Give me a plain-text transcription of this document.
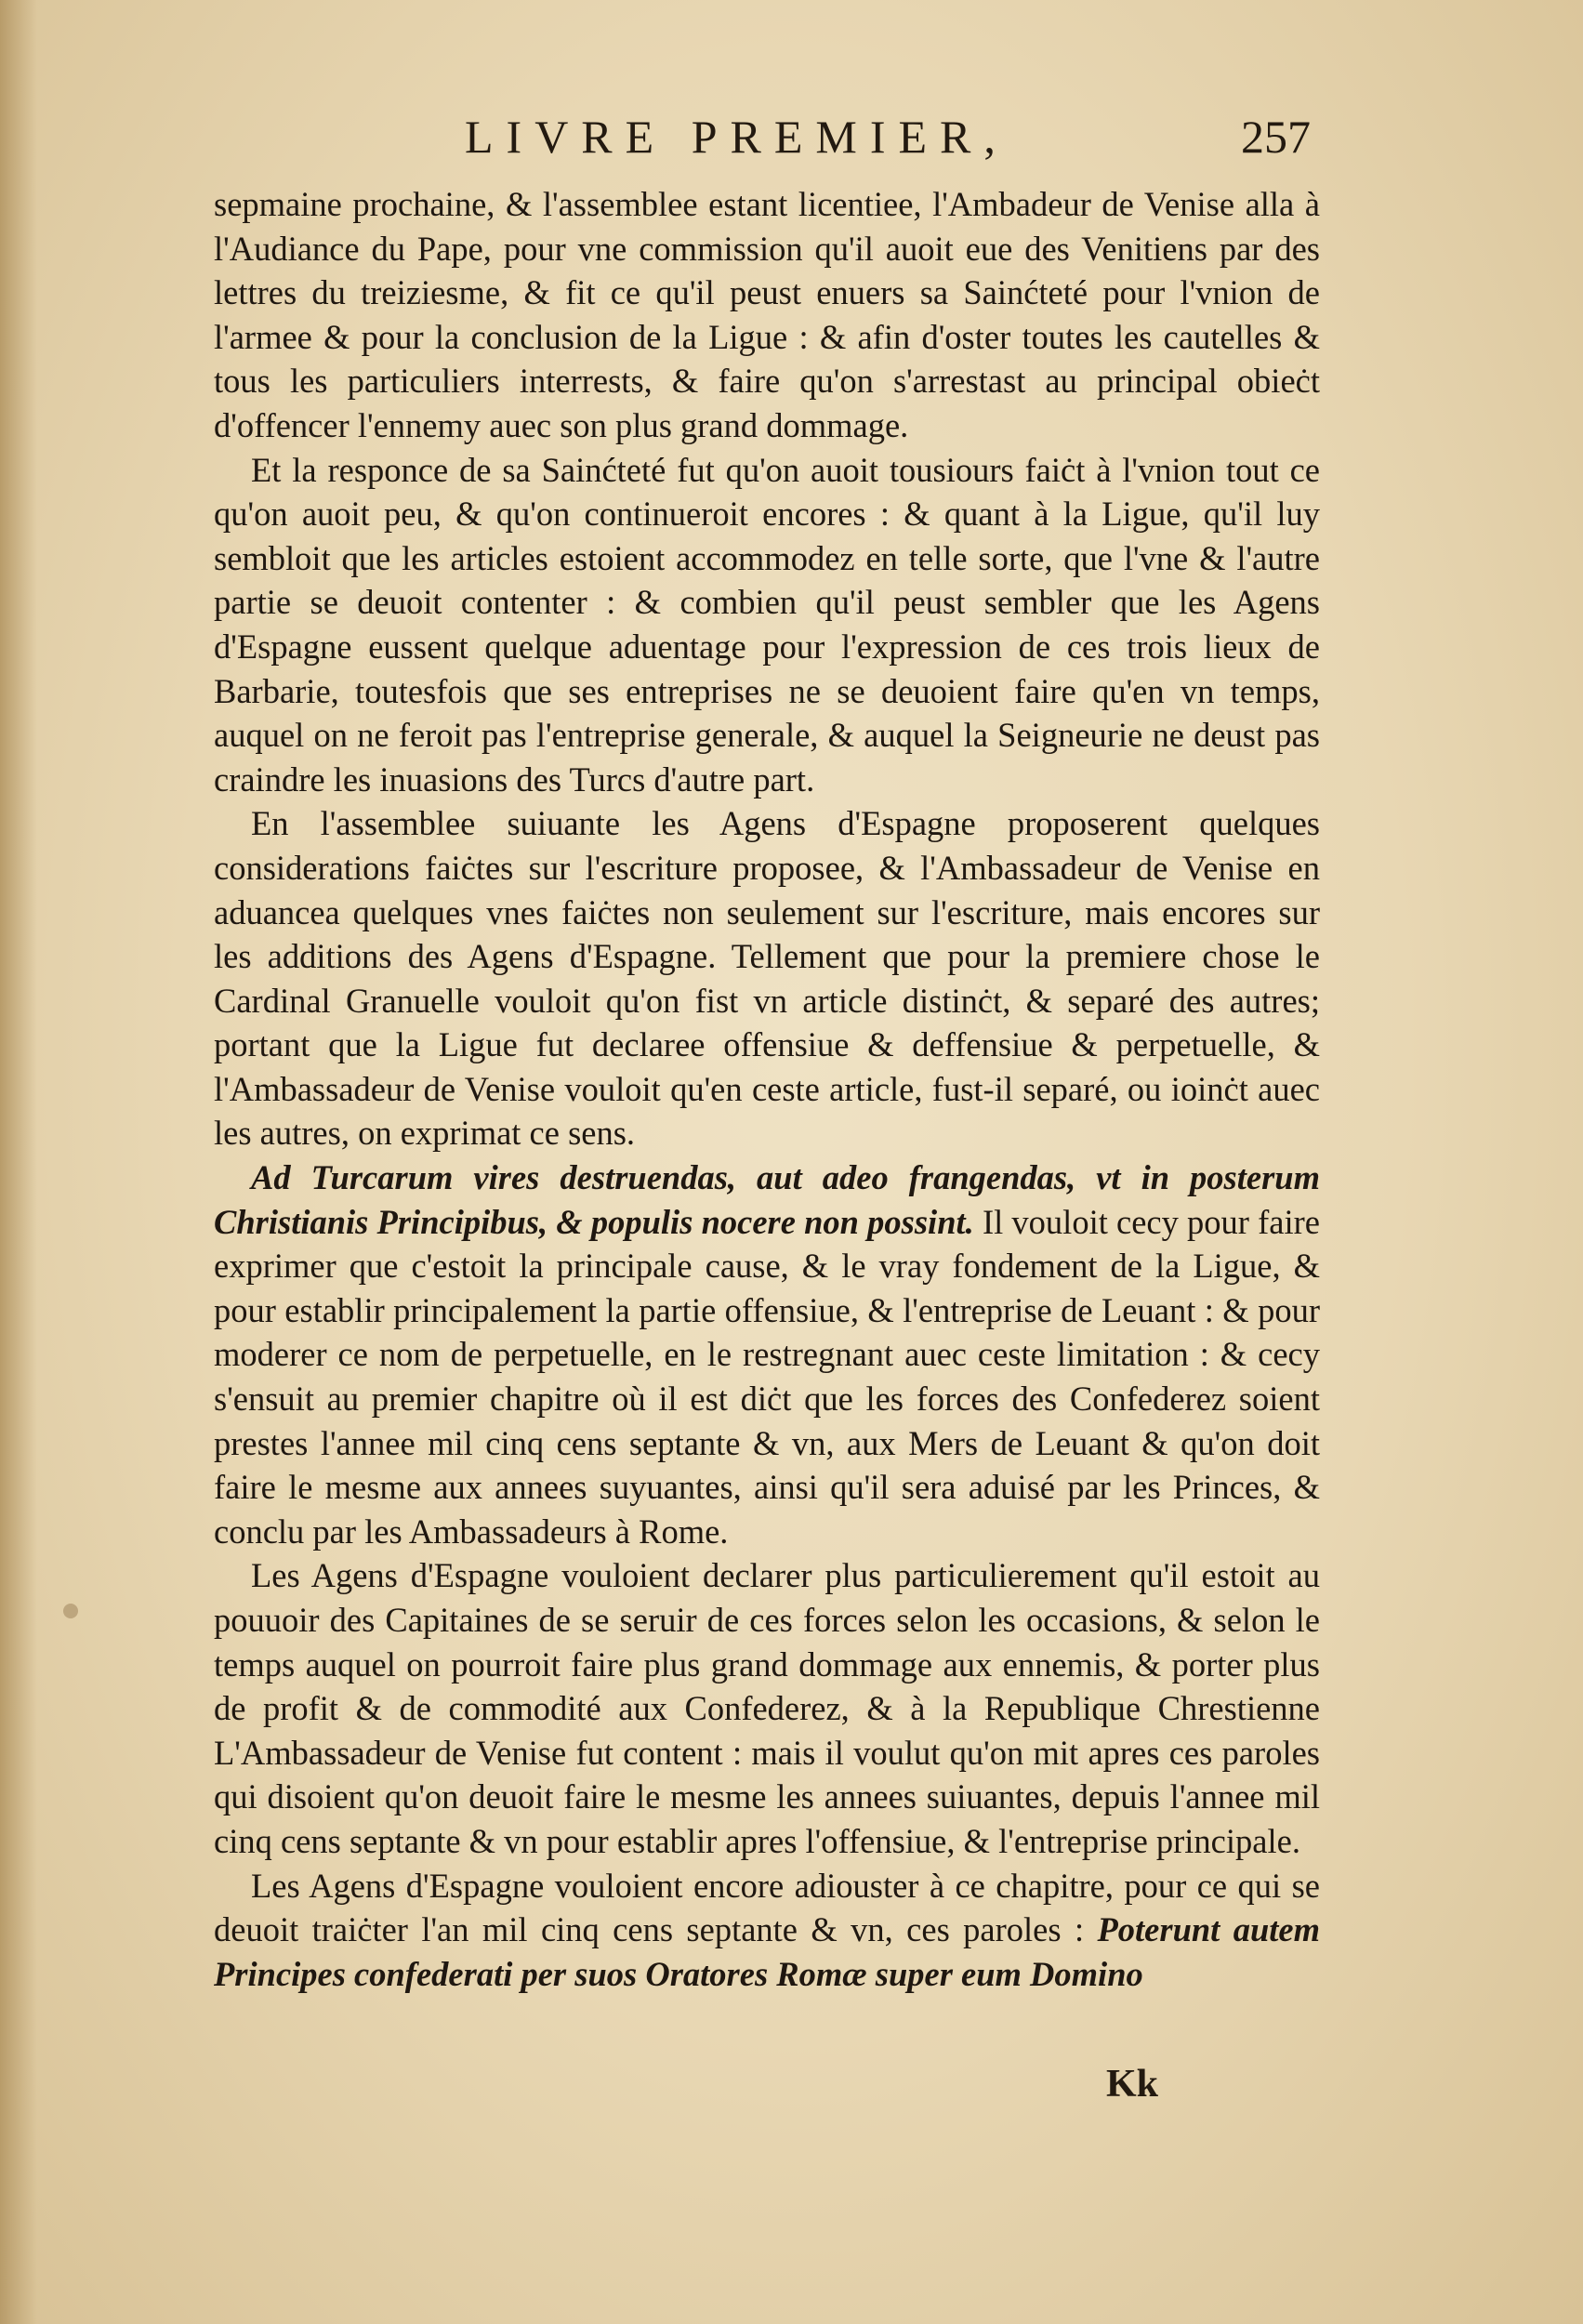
LIVRE PREMIER,	257

sepmaine prochaine, & l'assemblee estant licentiee, l'Ambadeur de Venise alla à l'Audiance du Pape, pour vne commission qu'il auoit eue des Venitiens par des lettres du treiziesme, & fit ce qu'il peust enuers sa Sainćteté pour l'vnion de l'armee & pour la conclusion de la Ligue : & afin d'oster toutes les cautelles & tous les particuliers interrests, & faire qu'on s'arrestast au principal obieċt d'offencer l'ennemy auec son plus grand dommage.

Et la responce de sa Sainćteté fut qu'on auoit tousiours faiċt à l'vnion tout ce qu'on auoit peu, & qu'on continueroit encores : & quant à la Ligue, qu'il luy sembloit que les articles estoient accommodez en telle sorte, que l'vne & l'autre partie se deuoit contenter : & combien qu'il peust sembler que les Agens d'Espagne eussent quelque aduentage pour l'expression de ces trois lieux de Barbarie, toutesfois que ses entreprises ne se deuoient faire qu'en vn temps, auquel on ne feroit pas l'entreprise generale, & auquel la Seigneurie ne deust pas craindre les inuasions des Turcs d'autre part.

En l'assemblee suiuante les Agens d'Espagne proposerent quelques considerations faiċtes sur l'escriture proposee, & l'Ambassadeur de Venise en aduancea quelques vnes faiċtes non seulement sur l'escriture, mais encores sur les additions des Agens d'Espagne. Tellement que pour la premiere chose le Cardinal Granuelle vouloit qu'on fist vn article distinċt, & separé des autres; portant que la Ligue fut declaree offensiue & deffensiue & perpetuelle, & l'Ambassadeur de Venise vouloit qu'en ceste article, fust-il separé, ou ioinċt auec les autres, on exprimat ce sens.

Ad Turcarum vires destruendas, aut adeo frangendas, vt in posterum Christianis Principibus, & populis nocere non possint. Il vouloit cecy pour faire exprimer que c'estoit la principale cause, & le vray fondement de la Ligue, & pour establir principalement la partie offensiue, & l'entreprise de Leuant : & pour moderer ce nom de perpetuelle, en le restregnant auec ceste limitation : & cecy s'ensuit au premier chapitre où il est diċt que les forces des Confederez soient prestes l'annee mil cinq cens septante & vn, aux Mers de Leuant & qu'on doit faire le mesme aux annees suyuantes, ainsi qu'il sera aduisé par les Princes, & conclu par les Ambassadeurs à Rome.

Les Agens d'Espagne vouloient declarer plus particulierement qu'il estoit au pouuoir des Capitaines de se seruir de ces forces selon les occasions, & selon le temps auquel on pourroit faire plus grand dommage aux ennemis, & porter plus de profit & de commodité aux Confederez, & à la Republique Chrestienne L'Ambassadeur de Venise fut content : mais il voulut qu'on mit apres ces paroles qui disoient qu'on deuoit faire le mesme les annees suiuantes, depuis l'annee mil cinq cens septante & vn pour establir apres l'offensiue, & l'entreprise principale.

Les Agens d'Espagne vouloient encore adiouster à ce chapitre, pour ce qui se deuoit traiċter l'an mil cinq cens septante & vn, ces paroles : Poterunt autem Principes confederati per suos Oratores Romæ super eum Domino

Kk
